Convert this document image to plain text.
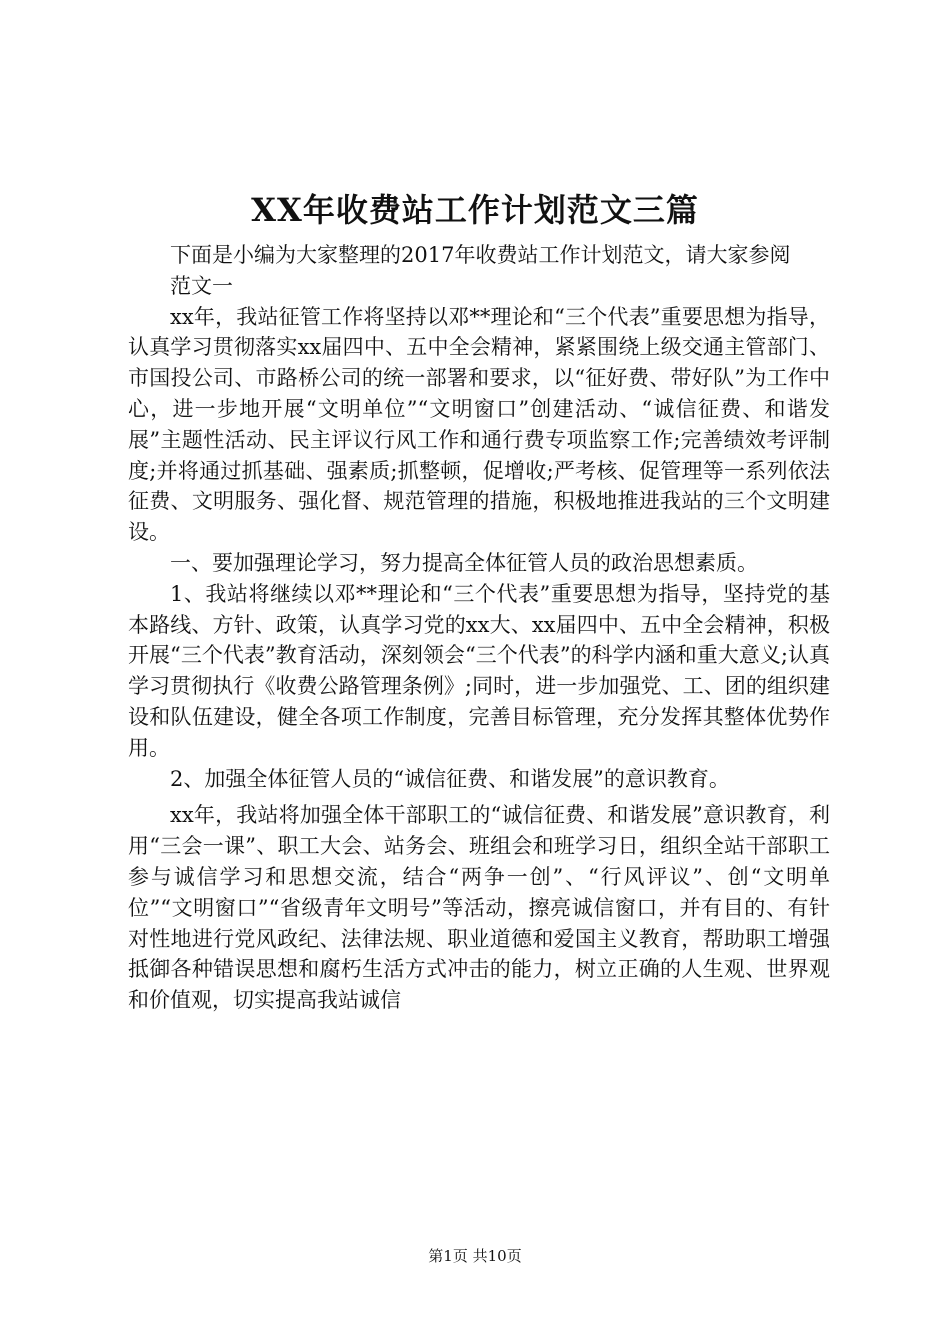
XX年收费站工作计划范文三篇

下面是小编为大家整理的2017年收费站工作计划范文，请大家参阅

范文一

xx年，我站征管工作将坚持以邓**理论和“三个代表”重要思想为指导，认真学习贯彻落实xx届四中、五中全会精神，紧紧围绕上级交通主管部门、市国投公司、市路桥公司的统一部署和要求，以“征好费、带好队”为工作中心，进一步地开展“文明单位”“文明窗口”创建活动、“诚信征费、和谐发展”主题性活动、民主评议行风工作和通行费专项监察工作;完善绩效考评制度;并将通过抓基础、强素质;抓整顿，促增收;严考核、促管理等一系列依法征费、文明服务、强化督、规范管理的措施，积极地推进我站的三个文明建设。

一、要加强理论学习，努力提高全体征管人员的政治思想素质。

1、我站将继续以邓**理论和“三个代表”重要思想为指导，坚持党的基本路线、方针、政策，认真学习党的xx大、xx届四中、五中全会精神，积极开展“三个代表”教育活动，深刻领会“三个代表”的科学内涵和重大意义;认真学习贯彻执行《收费公路管理条例》;同时，进一步加强党、工、团的组织建设和队伍建设，健全各项工作制度，完善目标管理，充分发挥其整体优势作用。

2、加强全体征管人员的“诚信征费、和谐发展”的意识教育。

xx年，我站将加强全体干部职工的“诚信征费、和谐发展”意识教育，利用“三会一课”、职工大会、站务会、班组会和班学习日，组织全站干部职工参与诚信学习和思想交流，结合“两争一创”、“行风评议”、创“文明单位”“文明窗口”“省级青年文明号”等活动，擦亮诚信窗口，并有目的、有针对性地进行党风政纪、法律法规、职业道德和爱国主义教育，帮助职工增强抵御各种错误思想和腐朽生活方式冲击的能力，树立正确的人生观、世界观和价值观，切实提高我站诚信

第1页 共10页
